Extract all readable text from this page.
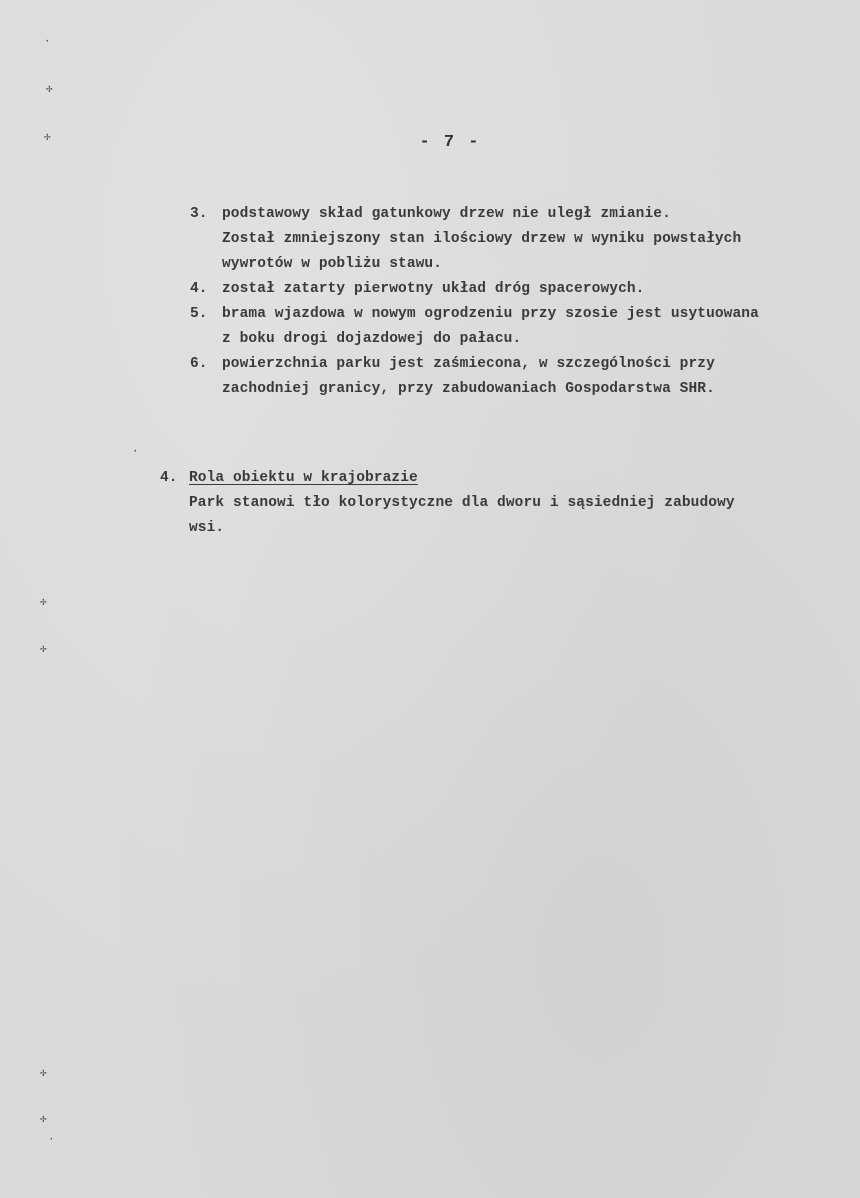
- 7 -
3. podstawowy skład gatunkowy drzew nie uległ zmianie.
Został zmniejszony stan ilościowy drzew w wyniku powstałych
wywrotów w pobliżu stawu.
4. został zatarty pierwotny układ dróg spacerowych.
5. brama wjazdowa w nowym ogrodzeniu przy szosie jest usytuowana
z boku drogi dojazdowej do pałacu.
6. powierzchnia parku jest zaśmiecona, w szczególności przy
zachodniej granicy, przy zabudowaniach Gospodarstwa SHR.
4. Rola obiektu w krajobrazie
Park stanowi tło kolorystyczne dla dworu i sąsiedniej zabudowy
wsi.
·
✢
✢
✢
✢
✢
✢
·
·
